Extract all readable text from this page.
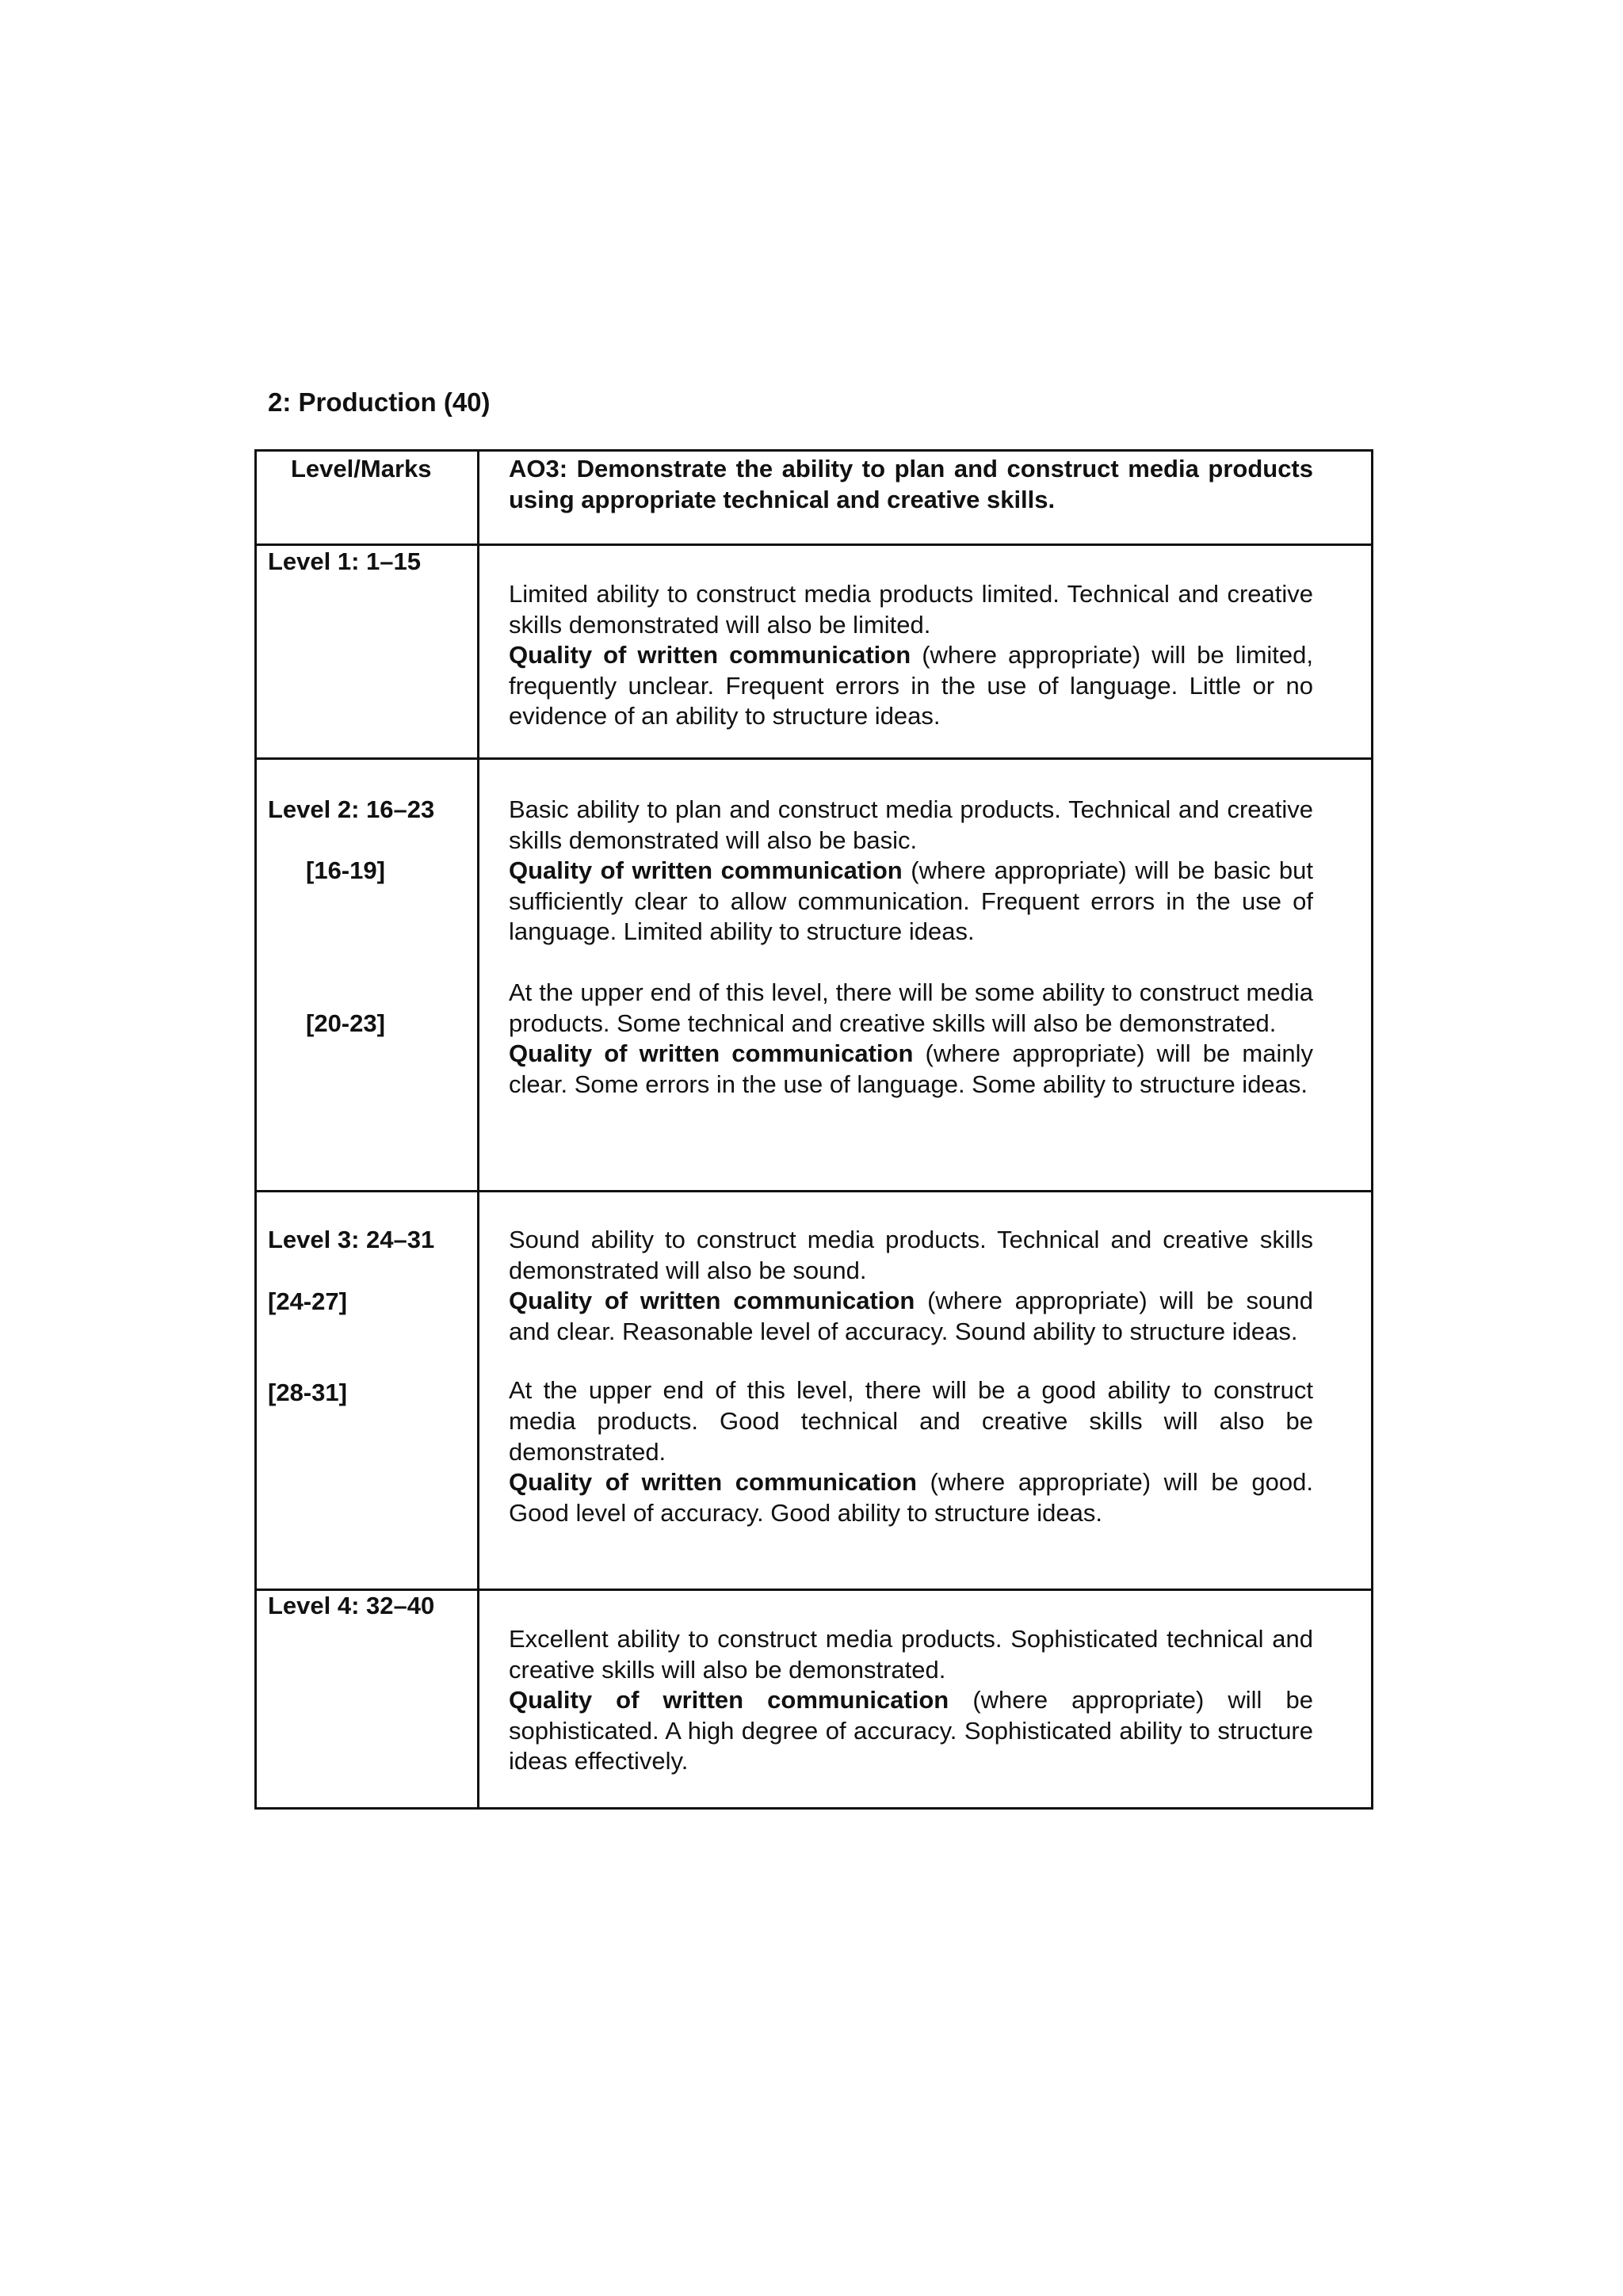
2: Production (40)
Level/Marks	AO3: Demonstrate the ability to plan and construct media products using appropriate technical and creative skills.
Level 1: 1–15

Limited ability to construct media products limited. Technical and creative skills demonstrated will also be limited.
Quality of written communication (where appropriate) will be limited, frequently unclear. Frequent errors in the use of language. Little or no evidence of an ability to structure ideas.

Level 2: 16–23
[16-19]
[20-23]

Basic ability to plan and construct media products. Technical and creative skills demonstrated will also be basic.
Quality of written communication (where appropriate) will be basic but sufficiently clear to allow communication. Frequent errors in the use of language. Limited ability to structure ideas.

At the upper end of this level, there will be some ability to construct media products. Some technical and creative skills will also be demonstrated.
Quality of written communication (where appropriate) will be mainly clear. Some errors in the use of language. Some ability to structure ideas.

Level 3: 24–31
[24-27]
[28-31]

Sound ability to construct media products. Technical and creative skills demonstrated will also be sound.
Quality of written communication (where appropriate) will be sound and clear. Reasonable level of accuracy. Sound ability to structure ideas.

At the upper end of this level, there will be a good ability to construct media products. Good technical and creative skills will also be demonstrated.
Quality of written communication (where appropriate) will be good. Good level of accuracy. Good ability to structure ideas.

Level 4: 32–40

Excellent ability to construct media products. Sophisticated technical and creative skills will also be demonstrated.
Quality of written communication (where appropriate) will be sophisticated. A high degree of accuracy. Sophisticated ability to structure ideas effectively.
